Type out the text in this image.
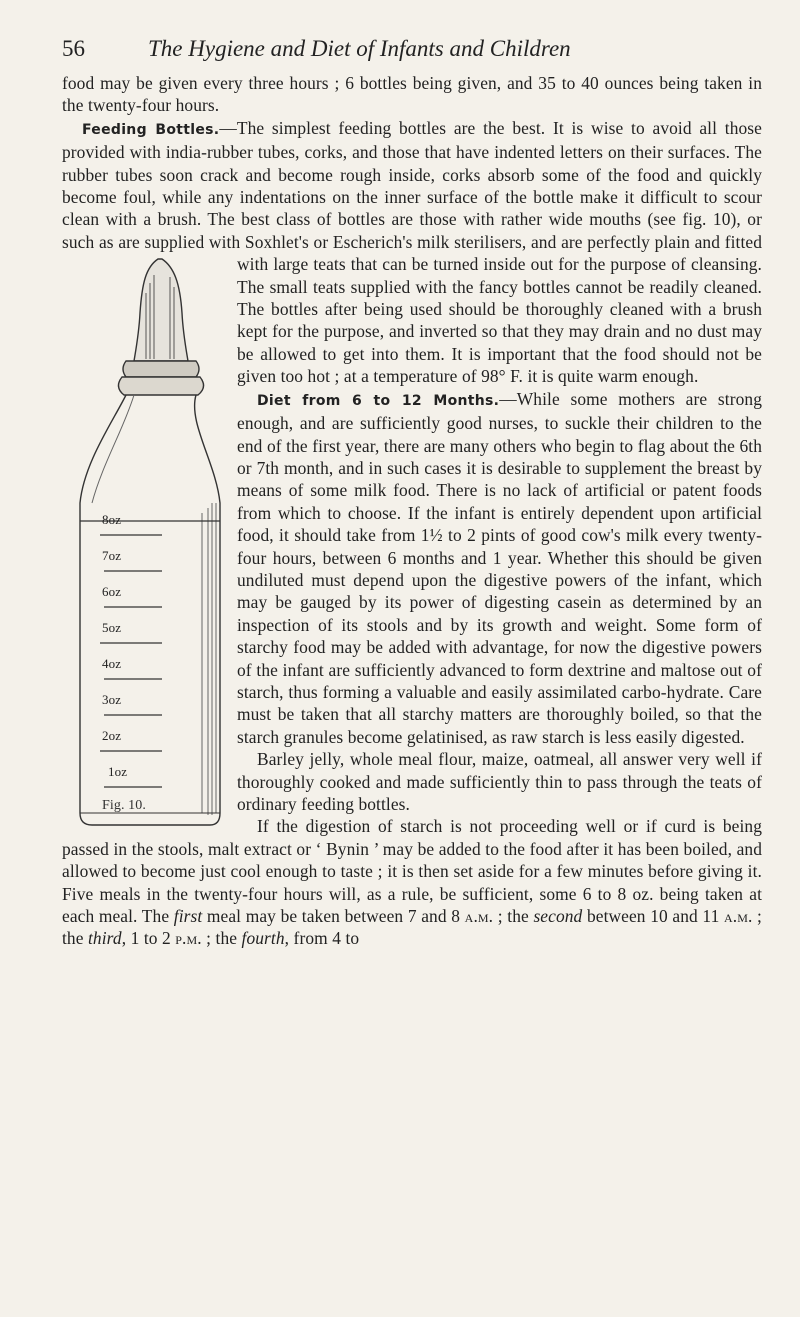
56	The Hygiene and Diet of Infants and Children

food may be given every three hours ; 6 bottles being given, and 35 to 40 ounces being taken in the twenty-four hours.

Feeding Bottles.—The simplest feeding bottles are the best. It is wise to avoid all those provided with india-rubber tubes, corks, and those that have indented letters on their surfaces. The rubber tubes soon crack and become rough inside, corks absorb some of the food and quickly become foul, while any indentations on the inner surface of the bottle make it difficult to scour clean with a brush. The best class of bottles are those with rather wide mouths (see fig. 10), or such as are supplied with Soxhlet's or Escherich's milk sterilisers, and are perfectly plain and fitted with large teats that can be turned inside out for the purpose of cleansing.
8oz
7oz
6oz
5oz
4oz
3oz
2oz
1oz
Fig. 10.
The small teats supplied with the fancy bottles cannot be readily cleaned. The bottles after being used should be thoroughly cleaned with a brush kept for the purpose, and inverted so that they may drain and no dust may be allowed to get into them. It is important that the food should not be given too hot ; at a temperature of 98° F. it is quite warm enough.

Diet from 6 to 12 Months.—While some mothers are strong enough, and are sufficiently good nurses, to suckle their children to the end of the first year, there are many others who begin to flag about the 6th or 7th month, and in such cases it is desirable to supplement the breast by means of some milk food. There is no lack of artificial or patent foods from which to choose. If the infant is entirely dependent upon artificial food, it should take from 1½ to 2 pints of good cow's milk every twenty-four hours, between 6 months and 1 year. Whether this should be given undiluted must depend upon the digestive powers of the infant, which may be gauged by its power of digesting casein as determined by an inspection of its stools and by its growth and weight. Some form of starchy food may be added with advantage, for now the digestive powers of the infant are sufficiently advanced to form dextrine and maltose out of starch, thus forming a valuable and easily assimilated carbo-hydrate. Care must be taken that all starchy matters are thoroughly boiled, so that the starch granules become gelatinised, as raw starch is less easily digested.

Barley jelly, whole meal flour, maize, oatmeal, all answer very well if thoroughly cooked and made sufficiently thin to pass through the teats of ordinary feeding bottles.

If the digestion of starch is not proceeding well or if curd is being passed in the stools, malt extract or ‘ Bynin ’ may be added to the food after it has been boiled, and allowed to become just cool enough to taste ; it is then set aside for a few minutes before giving it. Five meals in the twenty-four hours will, as a rule, be sufficient, some 6 to 8 oz. being taken at each meal. The first meal may be taken between 7 and 8 a.m. ; the second between 10 and 11 a.m. ; the third, 1 to 2 p.m. ; the fourth, from 4 to
